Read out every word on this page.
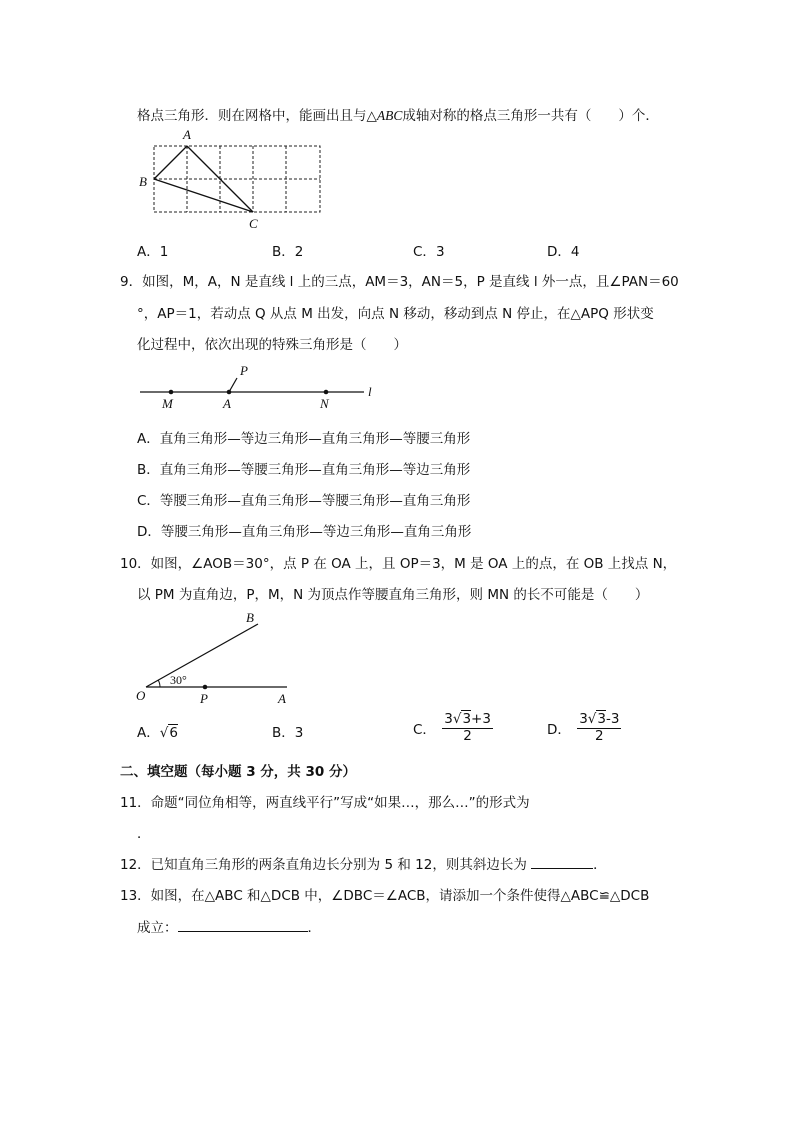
格点三角形．则在网格中，能画出且与△ABC成轴对称的格点三角形一共有（　　）个．
A
B
C
A．1	B．2	C．3	D．4
9．如图，M，A，N 是直线 l 上的三点，AM＝3，AN＝5，P 是直线 l 外一点，且∠PAN＝60
°，AP＝1，若动点 Q 从点 M 出发，向点 N 移动，移动到点 N 停止，在△APQ 形状变
化过程中，依次出现的特殊三角形是（　　）
P
M	A	N
l
A．直角三角形—等边三角形—直角三角形—等腰三角形
B．直角三角形—等腰三角形—直角三角形—等边三角形
C．等腰三角形—直角三角形—等腰三角形—直角三角形
D．等腰三角形—直角三角形—等边三角形—直角三角形
10．如图，∠AOB＝30°，点 P 在 OA 上，且 OP＝3，M 是 OA 上的点，在 OB 上找点 N，
以 PM 为直角边，P，M，N 为顶点作等腰直角三角形，则 MN 的长不可能是（　　）
B
O	P	A
30°
A．√6	B．3	C． $\frac{3√3+3}{2}$	D． $\frac{3√3-3}{2}$
二、填空题（每小题 3 分，共 30 分）
11．命题“同位角相等，两直线平行”写成“如果…，那么…”的形式为
．
12．已知直角三角形的两条直角边长分别为 5 和 12，则其斜边长为	．
13．如图，在△ABC 和△DCB 中，∠DBC＝∠ACB，请添加一个条件使得△ABC≌△DCB
成立：	．
